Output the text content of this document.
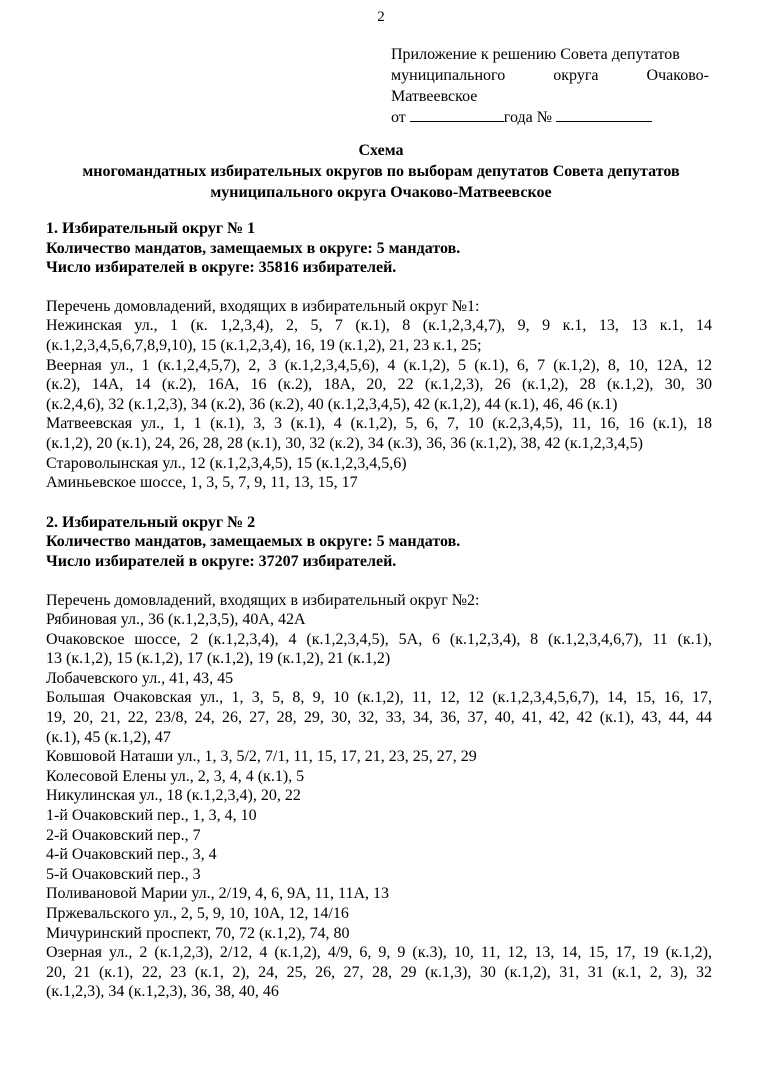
2
Приложение к решению Совета депутатов
муниципального	округа	Очаково-
Матвеевское
от	года №
Схема
многомандатных избирательных округов по выборам депутатов Совета депутатов
муниципального округа Очаково-Матвеевское
1. Избирательный округ № 1
Количество мандатов, замещаемых в округе: 5 мандатов.
Число избирателей в округе: 35816 избирателей.
Перечень домовладений, входящих в избирательный округ №1:
Нежинская ул., 1 (к. 1,2,3,4), 2, 5, 7 (к.1), 8 (к.1,2,3,4,7), 9, 9 к.1, 13, 13 к.1, 14
(к.1,2,3,4,5,6,7,8,9,10), 15 (к.1,2,3,4), 16, 19 (к.1,2), 21, 23 к.1, 25;
Веерная ул., 1 (к.1,2,4,5,7), 2, 3 (к.1,2,3,4,5,6), 4 (к.1,2), 5 (к.1), 6, 7 (к.1,2), 8, 10, 12А, 12
(к.2), 14А, 14 (к.2), 16А, 16 (к.2), 18А, 20, 22 (к.1,2,3), 26 (к.1,2), 28 (к.1,2), 30, 30
(к.2,4,6), 32 (к.1,2,3), 34 (к.2), 36 (к.2), 40 (к.1,2,3,4,5), 42 (к.1,2), 44 (к.1), 46, 46 (к.1)
Матвеевская ул., 1, 1 (к.1), 3, 3 (к.1), 4 (к.1,2), 5, 6, 7, 10 (к.2,3,4,5), 11, 16, 16 (к.1), 18
(к.1,2), 20 (к.1), 24, 26, 28, 28 (к.1), 30, 32 (к.2), 34 (к.3), 36, 36 (к.1,2), 38, 42 (к.1,2,3,4,5)
Староволынская ул., 12 (к.1,2,3,4,5), 15 (к.1,2,3,4,5,6)
Аминьевское шоссе, 1, 3, 5, 7, 9, 11, 13, 15, 17
2. Избирательный округ № 2
Количество мандатов, замещаемых в округе: 5 мандатов.
Число избирателей в округе: 37207 избирателей.
Перечень домовладений, входящих в избирательный округ №2:
Рябиновая ул., 36 (к.1,2,3,5), 40А, 42А
Очаковское шоссе, 2 (к.1,2,3,4), 4 (к.1,2,3,4,5), 5А, 6 (к.1,2,3,4), 8 (к.1,2,3,4,6,7), 11 (к.1),
13 (к.1,2), 15 (к.1,2), 17 (к.1,2), 19 (к.1,2), 21 (к.1,2)
Лобачевского ул., 41, 43, 45
Большая Очаковская ул., 1, 3, 5, 8, 9, 10 (к.1,2), 11, 12, 12 (к.1,2,3,4,5,6,7), 14, 15, 16, 17,
19, 20, 21, 22, 23/8, 24, 26, 27, 28, 29, 30, 32, 33, 34, 36, 37, 40, 41, 42, 42 (к.1), 43, 44, 44
(к.1), 45 (к.1,2), 47
Ковшовой Наташи ул., 1, 3, 5/2, 7/1, 11, 15, 17, 21, 23, 25, 27, 29
Колесовой Елены ул., 2, 3, 4, 4 (к.1), 5
Никулинская ул., 18 (к.1,2,3,4), 20, 22
1-й Очаковский пер., 1, 3, 4, 10
2-й Очаковский пер., 7
4-й Очаковский пер., 3, 4
5-й Очаковский пер., 3
Поливановой Марии ул., 2/19, 4, 6, 9А, 11, 11А, 13
Пржевальского ул., 2, 5, 9, 10, 10А, 12, 14/16
Мичуринский проспект, 70, 72 (к.1,2), 74, 80
Озерная ул., 2 (к.1,2,3), 2/12, 4 (к.1,2), 4/9, 6, 9, 9 (к.3), 10, 11, 12, 13, 14, 15, 17, 19 (к.1,2),
20, 21 (к.1), 22, 23 (к.1, 2), 24, 25, 26, 27, 28, 29 (к.1,3), 30 (к.1,2), 31, 31 (к.1, 2, 3), 32
(к.1,2,3), 34 (к.1,2,3), 36, 38, 40, 46
